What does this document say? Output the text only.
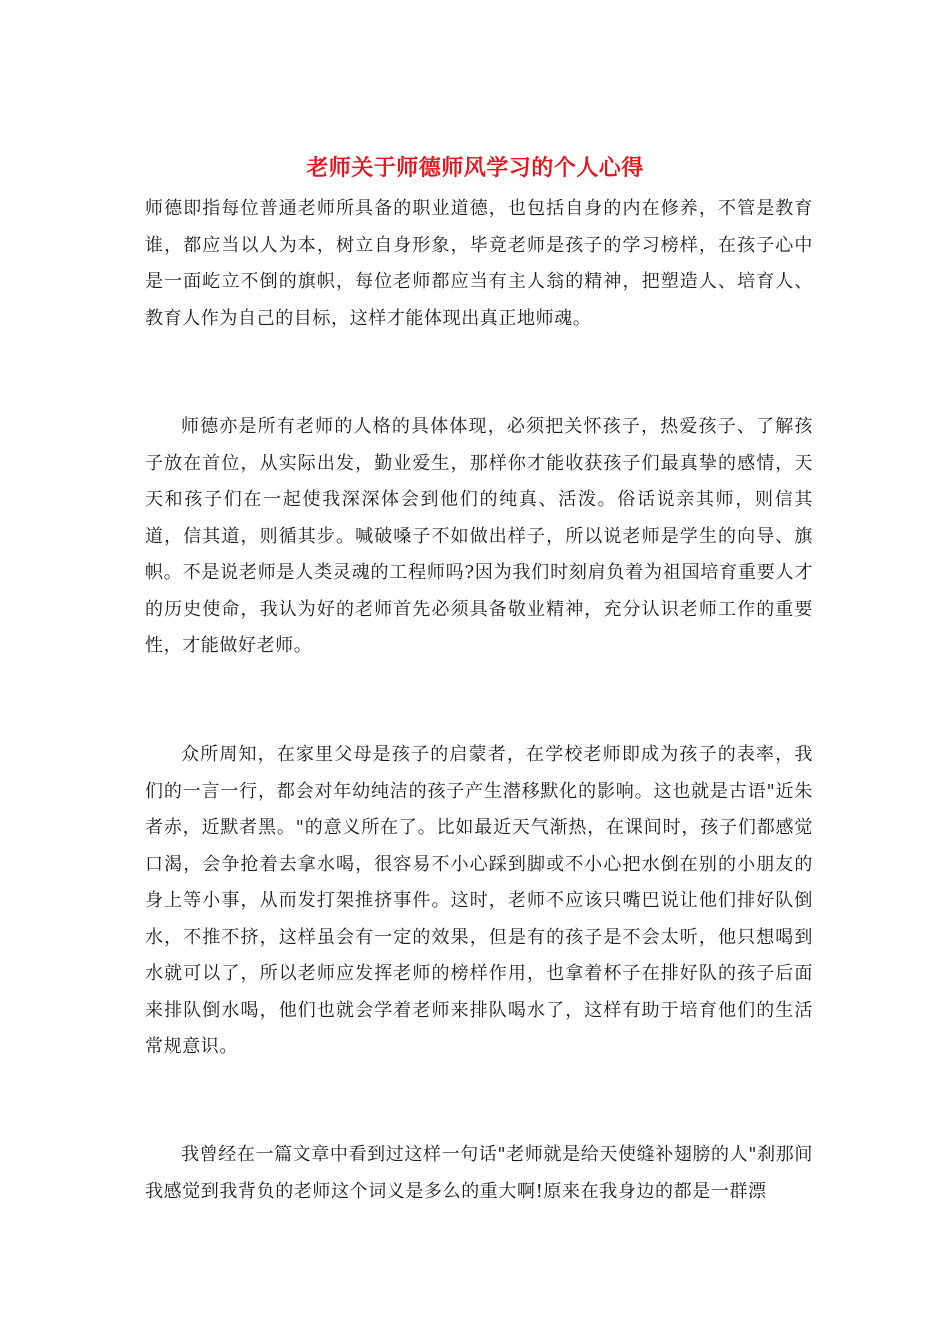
老师关于师德师风学习的个人心得

师德即指每位普通老师所具备的职业道德，也包括自身的内在修养，不管是教育谁，都应当以人为本，树立自身形象，毕竟老师是孩子的学习榜样，在孩子心中是一面屹立不倒的旗帜，每位老师都应当有主人翁的精神，把塑造人、培育人、教育人作为自己的目标，这样才能体现出真正地师魂。

师德亦是所有老师的人格的具体体现，必须把关怀孩子，热爱孩子、了解孩子放在首位，从实际出发，勤业爱生，那样你才能收获孩子们最真挚的感情，天天和孩子们在一起使我深深体会到他们的纯真、活泼。俗话说亲其师，则信其道，信其道，则循其步。喊破嗓子不如做出样子，所以说老师是学生的向导、旗帜。不是说老师是人类灵魂的工程师吗?因为我们时刻肩负着为祖国培育重要人才的历史使命，我认为好的老师首先必须具备敬业精神，充分认识老师工作的重要性，才能做好老师。

众所周知，在家里父母是孩子的启蒙者，在学校老师即成为孩子的表率，我们的一言一行，都会对年幼纯洁的孩子产生潜移默化的影响。这也就是古语"近朱者赤，近默者黑。"的意义所在了。比如最近天气渐热，在课间时，孩子们都感觉口渴，会争抢着去拿水喝，很容易不小心踩到脚或不小心把水倒在别的小朋友的身上等小事，从而发打架推挤事件。这时，老师不应该只嘴巴说让他们排好队倒水，不推不挤，这样虽会有一定的效果，但是有的孩子是不会太听，他只想喝到水就可以了，所以老师应发挥老师的榜样作用，也拿着杯子在排好队的孩子后面来排队倒水喝，他们也就会学着老师来排队喝水了，这样有助于培育他们的生活常规意识。

我曾经在一篇文章中看到过这样一句话"老师就是给天使缝补翅膀的人"刹那间我感觉到我背负的老师这个词义是多么的重大啊!原来在我身边的都是一群漂
